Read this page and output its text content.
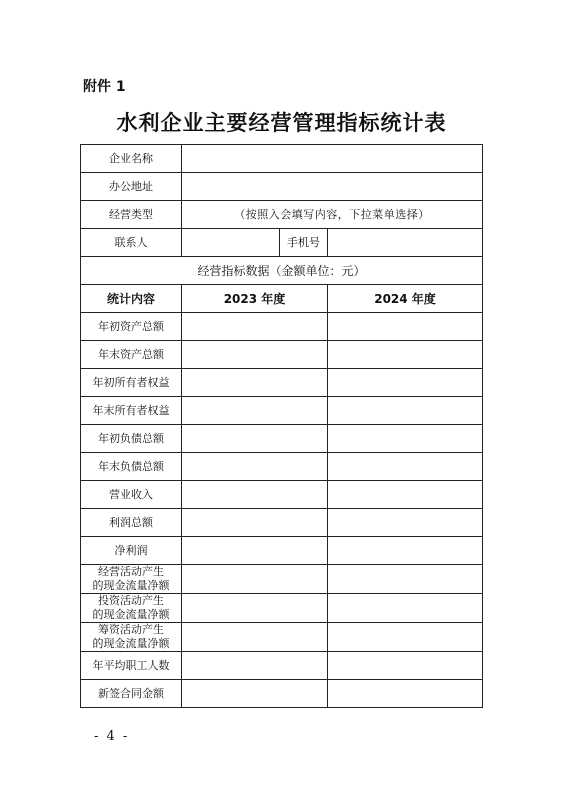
附件 1
水利企业主要经营管理指标统计表
企业名称			
办公地址			
经营类型	（按照入会填写内容，下拉菜单选择）		
联系人		手机号	
经营指标数据（金额单位：元）			
统计内容	2023 年度		2024 年度

年初资产总额			

年末资产总额			

年初所有者权益			

年末所有者权益			

年初负债总额			

年末负债总额			

营业收入			

利润总额			

净利润			

经营活动产生
的现金流量净额			

投资活动产生
的现金流量净额			

筹资活动产生
的现金流量净额			

年平均职工人数			

新签合同金额			

- 4 -
